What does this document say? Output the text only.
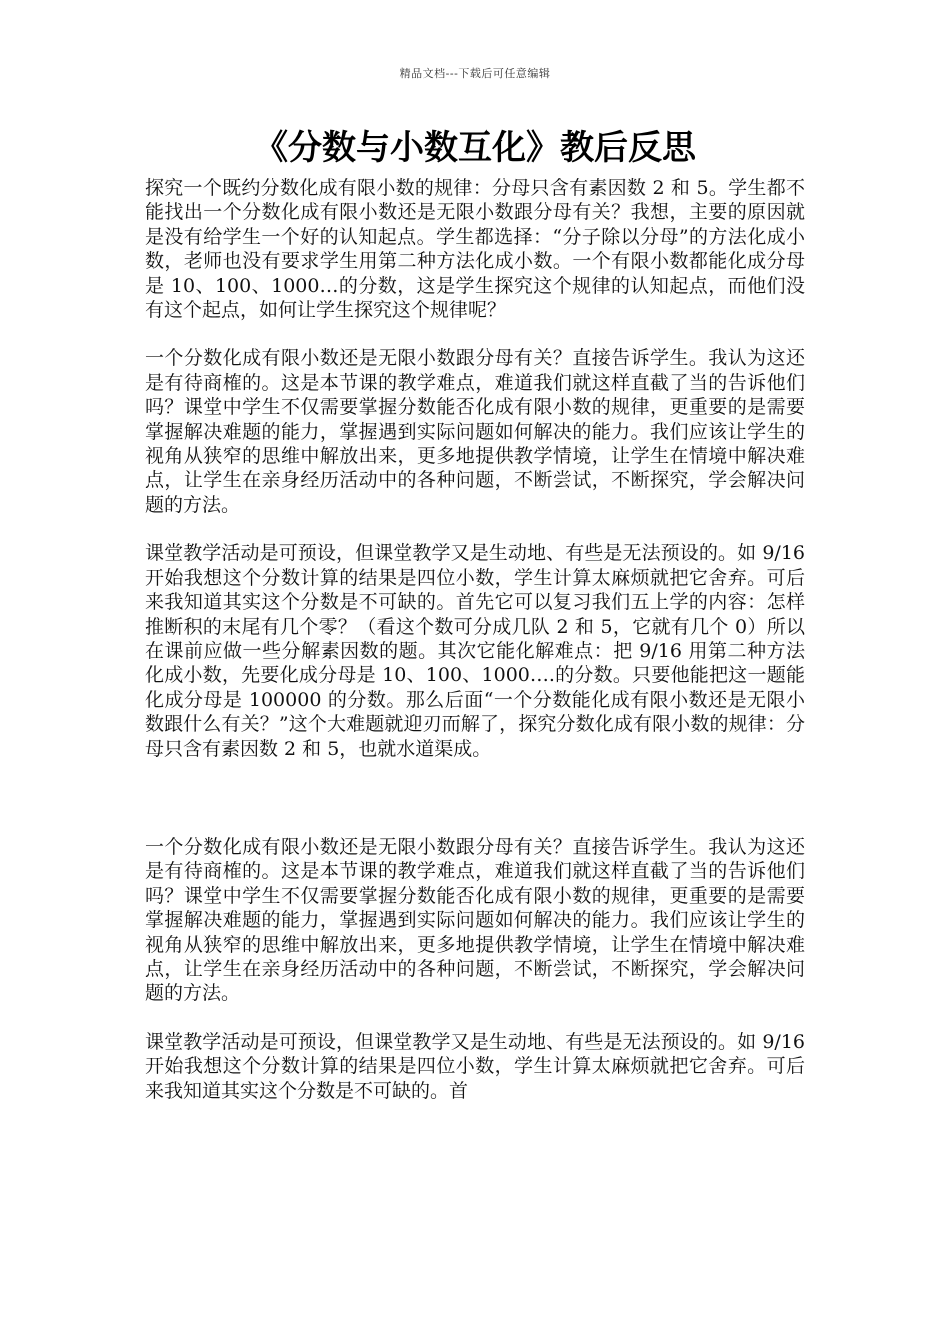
精品文档---下载后可任意编辑
《分数与小数互化》教后反思

探究一个既约分数化成有限小数的规律：分母只含有素因数 2 和 5。学生都不能找出一个分数化成有限小数还是无限小数跟分母有关？我想，主要的原因就是没有给学生一个好的认知起点。学生都选择：“分子除以分母”的方法化成小数，老师也没有要求学生用第二种方法化成小数。一个有限小数都能化成分母是 10、100、1000…的分数，这是学生探究这个规律的认知起点，而他们没有这个起点，如何让学生探究这个规律呢？

一个分数化成有限小数还是无限小数跟分母有关？直接告诉学生。我认为这还是有待商榷的。这是本节课的教学难点，难道我们就这样直截了当的告诉他们吗？课堂中学生不仅需要掌握分数能否化成有限小数的规律，更重要的是需要掌握解决难题的能力，掌握遇到实际问题如何解决的能力。我们应该让学生的视角从狭窄的思维中解放出来，更多地提供教学情境，让学生在情境中解决难点，让学生在亲身经历活动中的各种问题，不断尝试，不断探究，学会解决问题的方法。

课堂教学活动是可预设，但课堂教学又是生动地、有些是无法预设的。如 9/16 开始我想这个分数计算的结果是四位小数，学生计算太麻烦就把它舍弃。可后来我知道其实这个分数是不可缺的。首先它可以复习我们五上学的内容：怎样推断积的末尾有几个零？（看这个数可分成几队 2 和 5，它就有几个 0）所以在课前应做一些分解素因数的题。其次它能化解难点：把 9/16 用第二种方法化成小数，先要化成分母是 10、100、1000….的分数。只要他能把这一题能化成分母是 100000 的分数。那么后面“一个分数能化成有限小数还是无限小数跟什么有关？”这个大难题就迎刃而解了，探究分数化成有限小数的规律：分母只含有素因数 2 和 5，也就水道渠成。

一个分数化成有限小数还是无限小数跟分母有关？直接告诉学生。我认为这还是有待商榷的。这是本节课的教学难点，难道我们就这样直截了当的告诉他们吗？课堂中学生不仅需要掌握分数能否化成有限小数的规律，更重要的是需要掌握解决难题的能力，掌握遇到实际问题如何解决的能力。我们应该让学生的视角从狭窄的思维中解放出来，更多地提供教学情境，让学生在情境中解决难点，让学生在亲身经历活动中的各种问题，不断尝试，不断探究，学会解决问题的方法。

课堂教学活动是可预设，但课堂教学又是生动地、有些是无法预设的。如 9/16 开始我想这个分数计算的结果是四位小数，学生计算太麻烦就把它舍弃。可后来我知道其实这个分数是不可缺的。首
